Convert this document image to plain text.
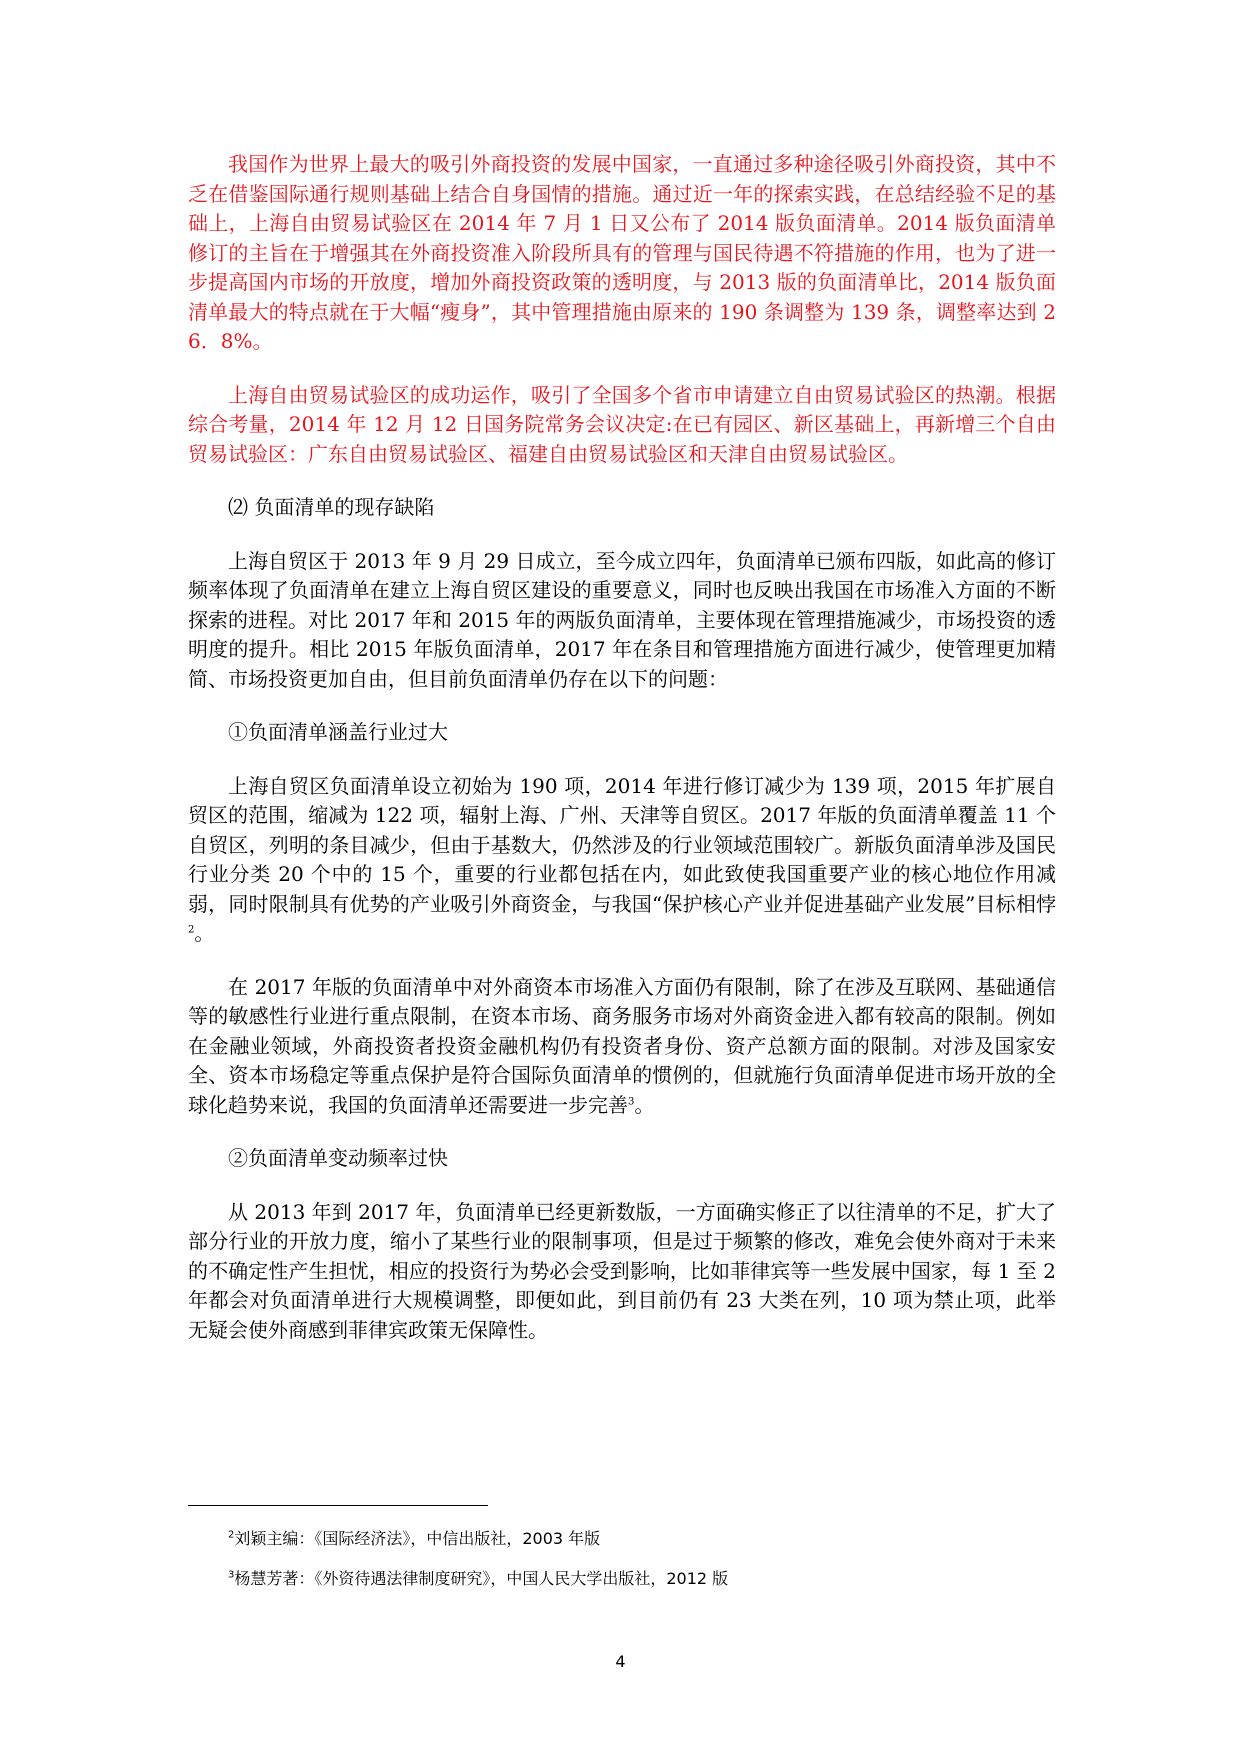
我国作为世界上最大的吸引外商投资的发展中国家，一直通过多种途径吸引外商投资，其中不乏在借鉴国际通行规则基础上结合自身国情的措施。通过近一年的探索实践，在总结经验不足的基础上，上海自由贸易试验区在 2014 年 7 月 1 日又公布了 2014 版负面清单。2014 版负面清单修订的主旨在于增强其在外商投资准入阶段所具有的管理与国民待遇不符措施的作用，也为了进一步提高国内市场的开放度，增加外商投资政策的透明度，与 2013 版的负面清单比，2014 版负面清单最大的特点就在于大幅“瘦身”，其中管理措施由原来的 190 条调整为 139 条，调整率达到 26．8%。

上海自由贸易试验区的成功运作，吸引了全国多个省市申请建立自由贸易试验区的热潮。根据综合考量，2014 年 12 月 12 日国务院常务会议决定:在已有园区、新区基础上，再新增三个自由贸易试验区：广东自由贸易试验区、福建自由贸易试验区和天津自由贸易试验区。

⑵ 负面清单的现存缺陷

上海自贸区于 2013 年 9 月 29 日成立，至今成立四年，负面清单已颁布四版，如此高的修订频率体现了负面清单在建立上海自贸区建设的重要意义，同时也反映出我国在市场准入方面的不断探索的进程。对比 2017 年和 2015 年的两版负面清单，主要体现在管理措施减少，市场投资的透明度的提升。相比 2015 年版负面清单，2017 年在条目和管理措施方面进行减少，使管理更加精简、市场投资更加自由，但目前负面清单仍存在以下的问题：

①负面清单涵盖行业过大

上海自贸区负面清单设立初始为 190 项，2014 年进行修订减少为 139 项，2015 年扩展自贸区的范围，缩减为 122 项，辐射上海、广州、天津等自贸区。2017 年版的负面清单覆盖 11 个自贸区，列明的条目减少，但由于基数大，仍然涉及的行业领域范围较广。新版负面清单涉及国民行业分类 20 个中的 15 个，重要的行业都包括在内，如此致使我国重要产业的核心地位作用减弱，同时限制具有优势的产业吸引外商资金，与我国“保护核心产业并促进基础产业发展”目标相悖$^2$。

在 2017 年版的负面清单中对外商资本市场准入方面仍有限制，除了在涉及互联网、基础通信等的敏感性行业进行重点限制，在资本市场、商务服务市场对外商资金进入都有较高的限制。例如在金融业领域，外商投资者投资金融机构仍有投资者身份、资产总额方面的限制。对涉及国家安全、资本市场稳定等重点保护是符合国际负面清单的惯例的，但就施行负面清单促进市场开放的全球化趋势来说，我国的负面清单还需要进一步完善$^3$。

②负面清单变动频率过快

从 2013 年到 2017 年，负面清单已经更新数版，一方面确实修正了以往清单的不足，扩大了部分行业的开放力度，缩小了某些行业的限制事项，但是过于频繁的修改，难免会使外商对于未来的不确定性产生担忧，相应的投资行为势必会受到影响，比如菲律宾等一些发展中国家，每 1 至 2 年都会对负面清单进行大规模调整，即便如此，到目前仍有 23 大类在列，10 项为禁止项，此举无疑会使外商感到菲律宾政策无保障性。

$^2$刘颖主编：《国际经济法》，中信出版社，2003 年版

$^3$杨慧芳著：《外资待遇法律制度研究》，中国人民大学出版社，2012 版

4
